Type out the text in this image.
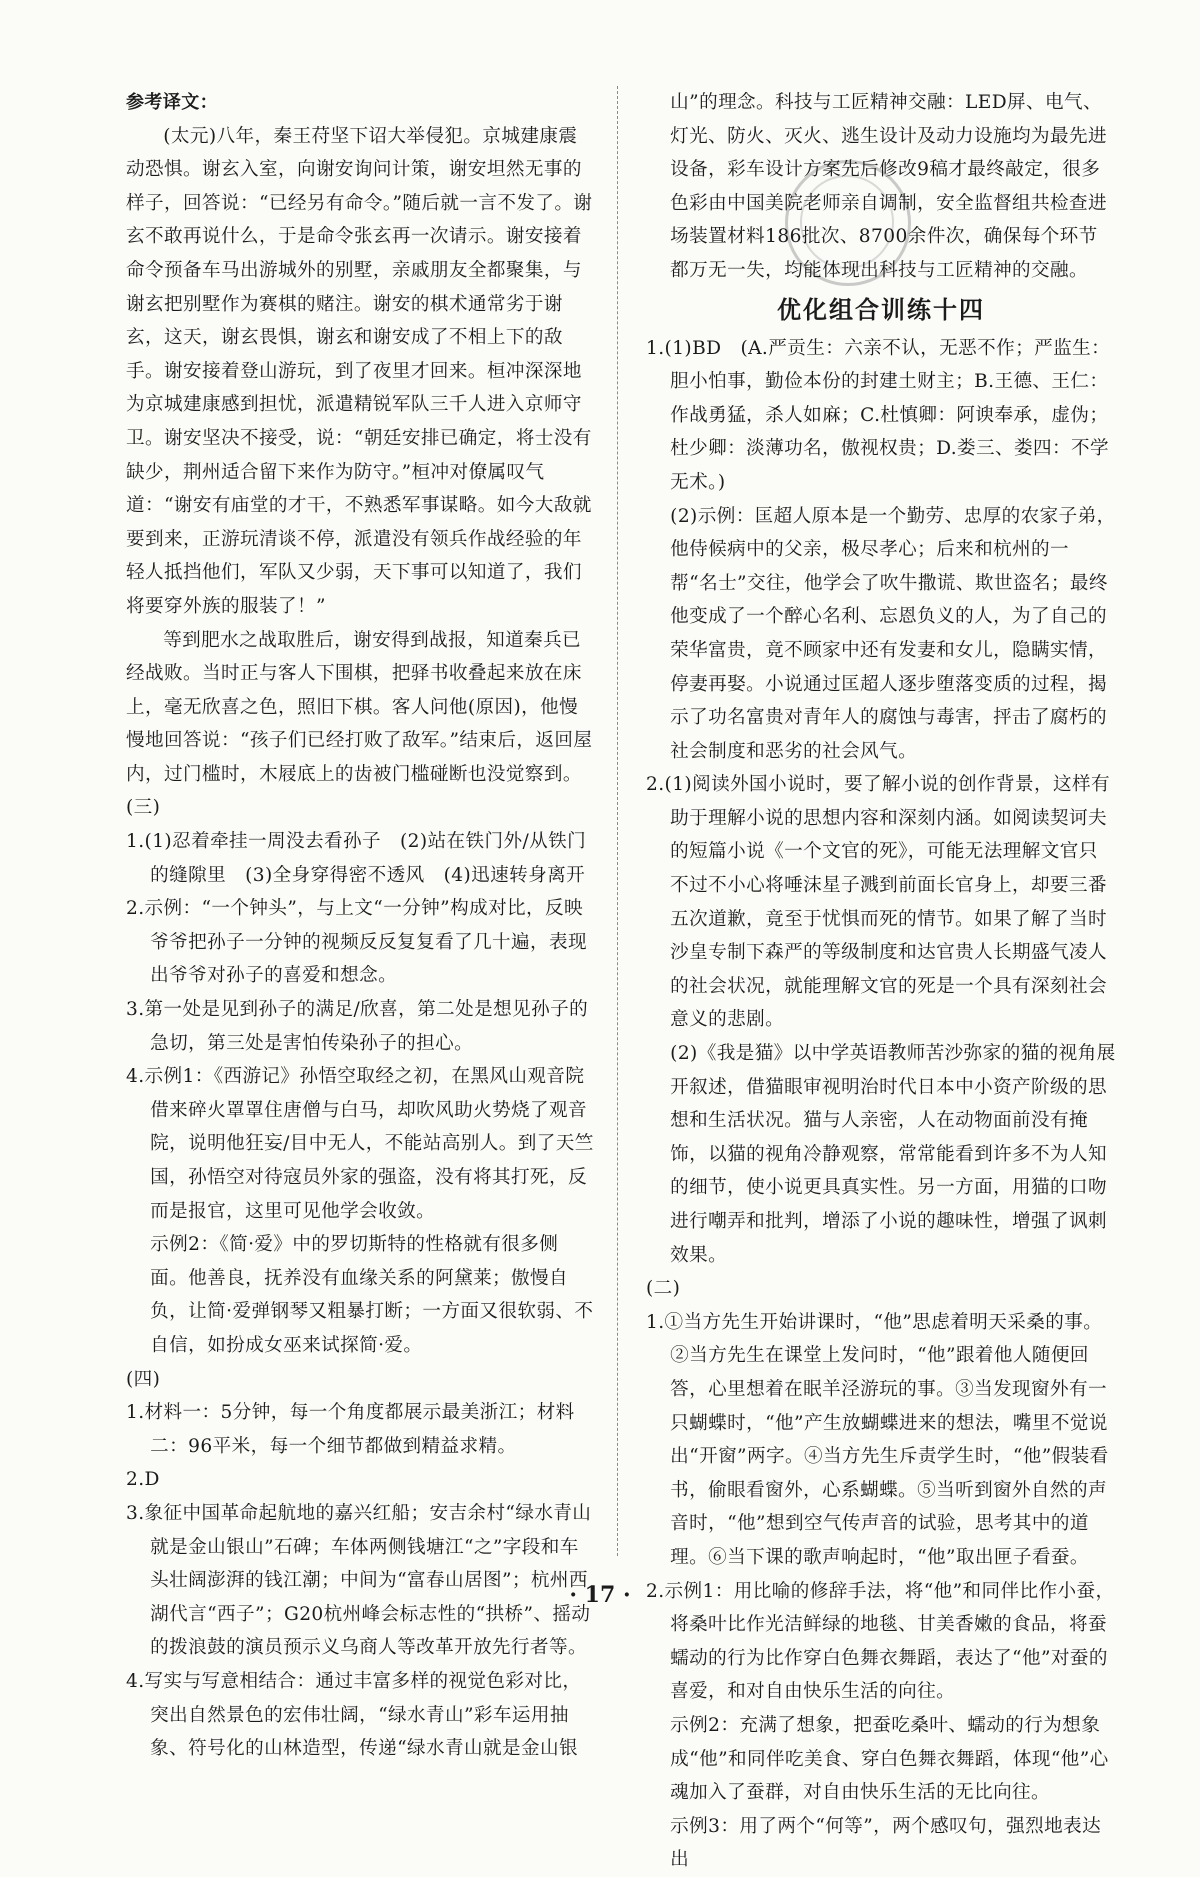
参考译文：

(太元)八年，秦王苻坚下诏大举侵犯。京城建康震动恐惧。谢玄入室，向谢安询问计策，谢安坦然无事的样子，回答说：“已经另有命令。”随后就一言不发了。谢玄不敢再说什么，于是命令张玄再一次请示。谢安接着命令预备车马出游城外的别墅，亲戚朋友全都聚集，与谢玄把别墅作为赛棋的赌注。谢安的棋术通常劣于谢玄，这天，谢玄畏惧，谢玄和谢安成了不相上下的敌手。谢安接着登山游玩，到了夜里才回来。桓冲深深地为京城建康感到担忧，派遣精锐军队三千人进入京师守卫。谢安坚决不接受，说：“朝廷安排已确定，将士没有缺少，荆州适合留下来作为防守。”桓冲对僚属叹气道：“谢安有庙堂的才干，不熟悉军事谋略。如今大敌就要到来，正游玩清谈不停，派遣没有领兵作战经验的年轻人抵挡他们，军队又少弱，天下事可以知道了，我们将要穿外族的服装了！”

等到肥水之战取胜后，谢安得到战报，知道秦兵已经战败。当时正与客人下围棋，把驿书收叠起来放在床上，毫无欣喜之色，照旧下棋。客人问他(原因)，他慢慢地回答说：“孩子们已经打败了敌军。”结束后，返回屋内，过门槛时，木屐底上的齿被门槛碰断也没觉察到。

(三)

1.(1)忍着牵挂一周没去看孙子　(2)站在铁门外/从铁门的缝隙里　(3)全身穿得密不透风　(4)迅速转身离开

2.示例：“一个钟头”，与上文“一分钟”构成对比，反映爷爷把孙子一分钟的视频反反复复看了几十遍，表现出爷爷对孙子的喜爱和想念。

3.第一处是见到孙子的满足/欣喜，第二处是想见孙子的急切，第三处是害怕传染孙子的担心。

4.示例1：《西游记》孙悟空取经之初，在黑风山观音院借来碎火罩罩住唐僧与白马，却吹风助火势烧了观音院，说明他狂妄/目中无人，不能站高别人。到了天竺国，孙悟空对待寇员外家的强盗，没有将其打死，反而是报官，这里可见他学会收敛。

示例2：《简·爱》中的罗切斯特的性格就有很多侧面。他善良，抚养没有血缘关系的阿黛莱；傲慢自负，让简·爱弹钢琴又粗暴打断；一方面又很软弱、不自信，如扮成女巫来试探简·爱。

(四)

1.材料一：5分钟，每一个角度都展示最美浙江；材料二：96平米，每一个细节都做到精益求精。

2.D

3.象征中国革命起航地的嘉兴红船；安吉余村“绿水青山就是金山银山”石碑；车体两侧钱塘江“之”字段和车头壮阔澎湃的钱江潮；中间为“富春山居图”；杭州西湖代言“西子”；G20杭州峰会标志性的“拱桥”、摇动的拨浪鼓的演员预示义乌商人等改革开放先行者等。

4.写实与写意相结合：通过丰富多样的视觉色彩对比，突出自然景色的宏伟壮阔，“绿水青山”彩车运用抽象、符号化的山林造型，传递“绿水青山就是金山银

山”的理念。科技与工匠精神交融：LED屏、电气、灯光、防火、灭火、逃生设计及动力设施均为最先进设备，彩车设计方案先后修改9稿才最终敲定，很多色彩由中国美院老师亲自调制，安全监督组共检查进场装置材料186批次、8700余件次，确保每个环节都万无一失，均能体现出科技与工匠精神的交融。

优化组合训练十四

1.(1)BD　(A.严贡生：六亲不认，无恶不作；严监生：胆小怕事，勤俭本份的封建土财主；B.王德、王仁：作战勇猛，杀人如麻；C.杜慎卿：阿谀奉承，虚伪；杜少卿：淡薄功名，傲视权贵；D.娄三、娄四：不学无术。)

(2)示例：匡超人原本是一个勤劳、忠厚的农家子弟，他侍候病中的父亲，极尽孝心；后来和杭州的一帮“名士”交往，他学会了吹牛撒谎、欺世盗名；最终他变成了一个醉心名利、忘恩负义的人，为了自己的荣华富贵，竟不顾家中还有发妻和女儿，隐瞒实情，停妻再娶。小说通过匡超人逐步堕落变质的过程，揭示了功名富贵对青年人的腐蚀与毒害，抨击了腐朽的社会制度和恶劣的社会风气。

2.(1)阅读外国小说时，要了解小说的创作背景，这样有助于理解小说的思想内容和深刻内涵。如阅读契诃夫的短篇小说《一个文官的死》，可能无法理解文官只不过不小心将唾沫星子溅到前面长官身上，却要三番五次道歉，竟至于忧惧而死的情节。如果了解了当时沙皇专制下森严的等级制度和达官贵人长期盛气凌人的社会状况，就能理解文官的死是一个具有深刻社会意义的悲剧。

(2)《我是猫》以中学英语教师苦沙弥家的猫的视角展开叙述，借猫眼审视明治时代日本中小资产阶级的思想和生活状况。猫与人亲密，人在动物面前没有掩饰，以猫的视角冷静观察，常常能看到许多不为人知的细节，使小说更具真实性。另一方面，用猫的口吻进行嘲弄和批判，增添了小说的趣味性，增强了讽刺效果。

(二)

1.①当方先生开始讲课时，“他”思虑着明天采桑的事。②当方先生在课堂上发问时，“他”跟着他人随便回答，心里想着在眠羊泾游玩的事。③当发现窗外有一只蝴蝶时，“他”产生放蝴蝶进来的想法，嘴里不觉说出“开窗”两字。④当方先生斥责学生时，“他”假装看书，偷眼看窗外，心系蝴蝶。⑤当听到窗外自然的声音时，“他”想到空气传声音的试验，思考其中的道理。⑥当下课的歌声响起时，“他”取出匣子看蚕。

2.示例1：用比喻的修辞手法，将“他”和同伴比作小蚕，将桑叶比作光洁鲜绿的地毯、甘美香嫩的食品，将蚕蠕动的行为比作穿白色舞衣舞蹈，表达了“他”对蚕的喜爱，和对自由快乐生活的向往。

示例2：充满了想象，把蚕吃桑叶、蠕动的行为想象成“他”和同伴吃美食、穿白色舞衣舞蹈，体现“他”心魂加入了蚕群，对自由快乐生活的无比向往。

示例3：用了两个“何等”，两个感叹句，强烈地表达出

· 17 ·
